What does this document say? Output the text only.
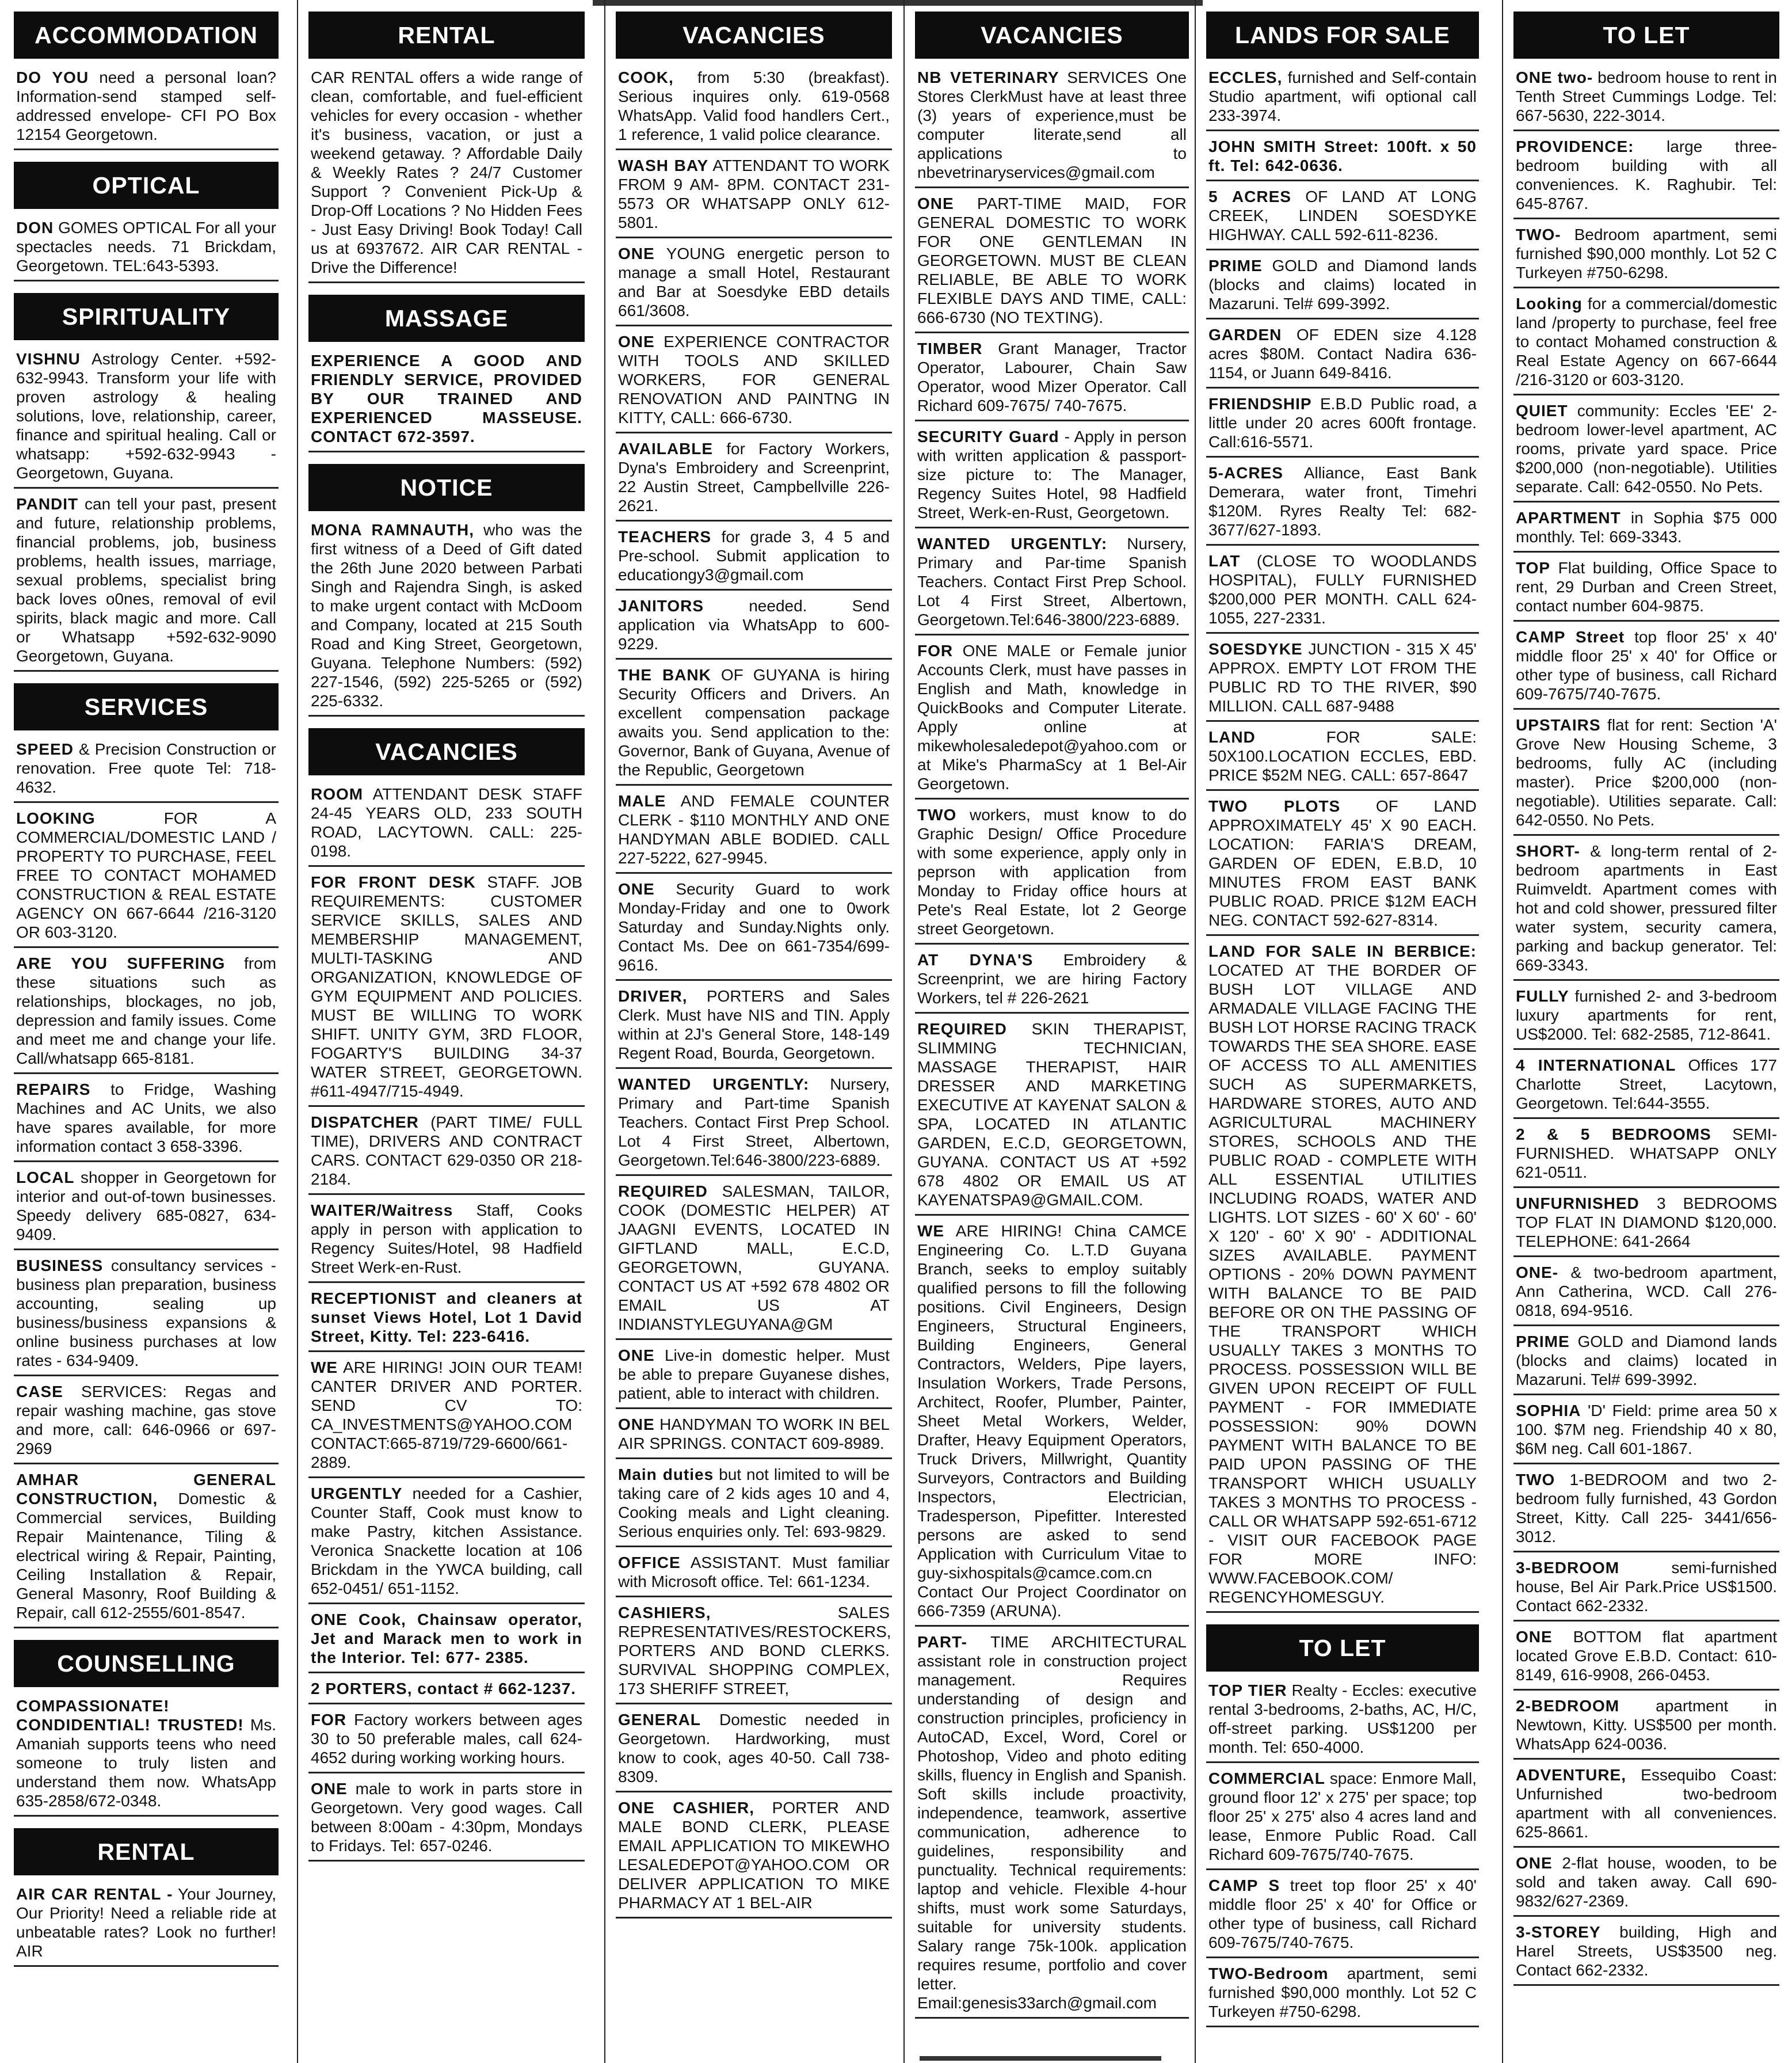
ACCOMMODATION
DO YOU need a personal loan? Information-send stamped self-addressed envelope- CFI PO Box 12154 Georgetown.
OPTICAL
DON GOMES OPTICAL For all your spectacles needs. 71 Brickdam, Georgetown. TEL:643-5393.
SPIRITUALITY
VISHNU Astrology Center. +592-632-9943. Transform your life with proven astrology & healing solutions, love, relationship, career, finance and spiritual healing. Call or whatsapp: +592-632-9943 - Georgetown, Guyana.
PANDIT can tell your past, present and future, relationship problems, financial problems, job, business problems, health issues, marriage, sexual problems, specialist bring back loves o0nes, removal of evil spirits, black magic and more. Call or Whatsapp +592-632-9090 Georgetown, Guyana.
SERVICES
SPEED & Precision Construction or renovation. Free quote Tel: 718-4632.
LOOKING	FOR A COMMERCIAL/DOMESTIC LAND / PROPERTY TO PURCHASE, FEEL FREE TO CONTACT MOHAMED CONSTRUCTION & REAL ESTATE AGENCY ON 667-6644 /216-3120 OR 603-3120.
ARE YOU SUFFERING from these situations such as relationships, blockages, no job, depression and family issues. Come and meet me and change your life. Call/whatsapp 665-8181.
REPAIRS to Fridge, Washing Machines and AC Units, we also have spares available, for more information contact 3 658-3396.
LOCAL shopper in Georgetown for interior and out-of-town businesses. Speedy delivery 685-0827, 634-9409.
BUSINESS consultancy services - business plan preparation, business accounting, sealing up business/business expansions & online business purchases at low rates - 634-9409.
CASE SERVICES: Regas and repair washing machine, gas stove and more, call: 646-0966 or 697-2969
AMHAR GENERAL CONSTRUCTION, Domestic & Commercial services, Building Repair Maintenance, Tiling & electrical wiring & Repair, Painting, Ceiling Installation & Repair, General Masonry, Roof Building & Repair, call 612-2555/601-8547.
COUNSELLING
COMPASSIONATE! CONDIDENTIAL! TRUSTED! Ms. Amaniah supports teens who need someone to truly listen and understand them now. WhatsApp 635-2858/672-0348.
RENTAL
AIR CAR RENTAL - Your Journey, Our Priority! Need a reliable ride at unbeatable rates? Look no further! AIR
RENTAL
CAR RENTAL offers a wide range of clean, comfortable, and fuel-efficient vehicles for every occasion - whether it's business, vacation, or just a weekend getaway. ? Affordable Daily & Weekly Rates ? 24/7 Customer Support ? Convenient Pick-Up & Drop-Off Locations ? No Hidden Fees - Just Easy Driving! Book Today! Call us at 6937672. AIR CAR RENTAL - Drive the Difference!
MASSAGE
EXPERIENCE A GOOD AND FRIENDLY SERVICE, PROVIDED BY OUR TRAINED AND EXPERIENCED MASSEUSE. CONTACT 672-3597.
NOTICE
MONA RAMNAUTH, who was the first witness of a Deed of Gift dated the 26th June 2020 between Parbati Singh and Rajendra Singh, is asked to make urgent contact with McDoom and Company, located at 215 South Road and King Street, Georgetown, Guyana. Telephone Numbers: (592) 227-1546, (592) 225-5265 or (592) 225-6332.
VACANCIES
ROOM ATTENDANT DESK STAFF 24-45 YEARS OLD, 233 SOUTH ROAD, LACYTOWN. CALL: 225-0198.
FOR FRONT DESK STAFF. JOB REQUIREMENTS: CUSTOMER SERVICE SKILLS, SALES AND MEMBERSHIP MANAGEMENT, MULTI-TASKING AND ORGANIZATION, KNOWLEDGE OF GYM EQUIPMENT AND POLICIES. MUST BE WILLING TO WORK SHIFT. UNITY GYM, 3RD FLOOR, FOGARTY'S BUILDING 34-37 WATER STREET, GEORGETOWN. #611-4947/715-4949.
DISPATCHER (PART TIME/ FULL TIME), DRIVERS AND CONTRACT CARS. CONTACT 629-0350 OR 218-2184.
WAITER/Waitress Staff, Cooks apply in person with application to Regency Suites/Hotel, 98 Hadfield Street Werk-en-Rust.
RECEPTIONIST and cleaners at sunset Views Hotel, Lot 1 David Street, Kitty. Tel: 223-6416.
WE ARE HIRING! JOIN OUR TEAM! CANTER DRIVER AND PORTER. SEND CV TO: CA_INVESTMENTS@YAHOO.COM CONTACT:665-8719/729-6600/661-2889.
URGENTLY needed for a Cashier, Counter Staff, Cook must know to make Pastry, kitchen Assistance. Veronica Snackette location at 106 Brickdam in the YWCA building, call 652-0451/ 651-1152.
ONE Cook, Chainsaw operator, Jet and Marack men to work in the Interior. Tel: 677- 2385.
2 PORTERS, contact # 662-1237.
FOR Factory workers between ages 30 to 50 preferable males, call 624-4652 during working working hours.
ONE male to work in parts store in Georgetown. Very good wages. Call between 8:00am - 4:30pm, Mondays to Fridays. Tel: 657-0246.
VACANCIES
COOK, from 5:30 (breakfast). Serious inquires only. 619-0568 WhatsApp. Valid food handlers Cert., 1 reference, 1 valid police clearance.
WASH BAY ATTENDANT TO WORK FROM 9 AM- 8PM. CONTACT 231-5573 OR WHATSAPP ONLY 612-5801.
ONE YOUNG energetic person to manage a small Hotel, Restaurant and Bar at Soesdyke EBD details 661/3608.
ONE EXPERIENCE CONTRACTOR WITH TOOLS AND SKILLED WORKERS, FOR GENERAL RENOVATION AND PAINTNG IN KITTY, CALL: 666-6730.
AVAILABLE for Factory Workers, Dyna's Embroidery and Screenprint, 22 Austin Street, Campbellville 226-2621.
TEACHERS for grade 3, 4 5 and Pre-school. Submit application to educationgy3@gmail.com
JANITORS	needed. Send application via WhatsApp to 600-9229.
THE BANK OF GUYANA is hiring Security Officers and Drivers. An excellent compensation package awaits you. Send application to the: Governor, Bank of Guyana, Avenue of the Republic, Georgetown
MALE AND FEMALE COUNTER CLERK - $110 MONTHLY AND ONE HANDYMAN ABLE BODIED. CALL 227-5222, 627-9945.
ONE Security Guard to work Monday-Friday and one to 0work Saturday and Sunday.Nights only. Contact Ms. Dee on 661-7354/699-9616.
DRIVER, PORTERS and Sales Clerk. Must have NIS and TIN. Apply within at 2J's General Store, 148-149 Regent Road, Bourda, Georgetown.
WANTED URGENTLY: Nursery, Primary and Part-time Spanish Teachers. Contact First Prep School. Lot 4 First Street, Albertown, Georgetown.Tel:646-3800/223-6889.
REQUIRED SALESMAN, TAILOR, COOK (DOMESTIC HELPER) AT JAAGNI EVENTS, LOCATED IN GIFTLAND MALL, E.C.D, GEORGETOWN, GUYANA. CONTACT US AT +592 678 4802 OR EMAIL US AT INDIANSTYLEGUYANA@GM
ONE Live-in domestic helper. Must be able to prepare Guyanese dishes, patient, able to interact with children.
ONE HANDYMAN TO WORK IN BEL AIR SPRINGS. CONTACT 609-8989.
Main duties but not limited to will be taking care of 2 kids ages 10 and 4, Cooking meals and Light cleaning. Serious enquiries only. Tel: 693-9829.
OFFICE ASSISTANT. Must familiar with Microsoft office. Tel: 661-1234.
CASHIERS,	SALES REPRESENTATIVES/RESTOCKERS, PORTERS AND BOND CLERKS. SURVIVAL SHOPPING COMPLEX, 173 SHERIFF STREET,
GENERAL Domestic needed in Georgetown. Hardworking, must know to cook, ages 40-50. Call 738-8309.
ONE CASHIER, PORTER AND MALE BOND CLERK, PLEASE EMAIL APPLICATION TO MIKEWHO LESALEDEPOT@YAHOO.COM OR DELIVER APPLICATION TO MIKE PHARMACY AT 1 BEL-AIR
VACANCIES
NB VETERINARY SERVICES One Stores ClerkMust have at least three (3) years of experience,must be computer literate,send all applications to nbevetrinaryservices@gmail.com
ONE PART-TIME MAID, FOR GENERAL DOMESTIC TO WORK FOR ONE GENTLEMAN IN GEORGETOWN. MUST BE CLEAN RELIABLE, BE ABLE TO WORK FLEXIBLE DAYS AND TIME, CALL: 666-6730 (NO TEXTING).
TIMBER Grant Manager, Tractor Operator, Labourer, Chain Saw Operator, wood Mizer Operator. Call Richard 609-7675/ 740-7675.
SECURITY Guard - Apply in person with written application & passport-size picture to: The Manager, Regency Suites Hotel, 98 Hadfield Street, Werk-en-Rust, Georgetown.
WANTED URGENTLY: Nursery, Primary and Par-time Spanish Teachers. Contact First Prep School. Lot 4 First Street, Albertown, Georgetown.Tel:646-3800/223-6889.
FOR ONE MALE or Female junior Accounts Clerk, must have passes in English and Math, knowledge in QuickBooks and Computer Literate. Apply online at mikewholesaledepot@yahoo.com or at Mike's PharmaScy at 1 Bel-Air Georgetown.
TWO workers, must know to do Graphic Design/ Office Procedure with some experience, apply only in peprson with application from Monday to Friday office hours at Pete's Real Estate, lot 2 George street Georgetown.
AT DYNA'S Embroidery & Screenprint, we are hiring Factory Workers, tel # 226-2621
REQUIRED SKIN THERAPIST, SLIMMING TECHNICIAN, MASSAGE THERAPIST, HAIR DRESSER AND MARKETING EXECUTIVE AT KAYENAT SALON & SPA, LOCATED IN ATLANTIC GARDEN, E.C.D, GEORGETOWN, GUYANA. CONTACT US AT +592 678 4802 OR EMAIL US AT KAYENATSPA9@GMAIL.COM.
WE ARE HIRING! China CAMCE Engineering Co. L.T.D Guyana Branch, seeks to employ suitably qualified persons to fill the following positions. Civil Engineers, Design Engineers, Structural Engineers, Building Engineers, General Contractors, Welders, Pipe layers, Insulation Workers, Trade Persons, Architect, Roofer, Plumber, Painter, Sheet Metal Workers, Welder, Drafter, Heavy Equipment Operators, Truck Drivers, Millwright, Quantity Surveyors, Contractors and Building Inspectors, Electrician, Tradesperson, Pipefitter. Interested persons are asked to send Application with Curriculum Vitae to guy-sixhospitals@camce.com.cn Contact Our Project Coordinator on 666-7359 (ARUNA).
PART- TIME ARCHITECTURAL assistant role in construction project management. Requires understanding of design and construction principles, proficiency in AutoCAD, Excel, Word, Corel or Photoshop, Video and photo editing skills, fluency in English and Spanish. Soft skills include proactivity, independence, teamwork, assertive communication, adherence to guidelines, responsibility and punctuality. Technical requirements: laptop and vehicle. Flexible 4-hour shifts, must work some Saturdays, suitable for university students. Salary range 75k-100k. application requires resume, portfolio and cover letter. Email:genesis33arch@gmail.com
LANDS FOR SALE
ECCLES, furnished and Self-contain Studio apartment, wifi optional call 233-3974.
JOHN SMITH Street: 100ft. x 50 ft. Tel: 642-0636.
5 ACRES OF LAND AT LONG CREEK, LINDEN SOESDYKE HIGHWAY. CALL 592-611-8236.
PRIME GOLD and Diamond lands (blocks and claims) located in Mazaruni. Tel# 699-3992.
GARDEN OF EDEN size 4.128 acres $80M. Contact Nadira 636-1154, or Juann 649-8416.
FRIENDSHIP E.B.D Public road, a little under 20 acres 600ft frontage. Call:616-5571.
5-ACRES Alliance, East Bank Demerara, water front, Timehri $120M. Ryres Realty Tel: 682-3677/627-1893.
LAT (CLOSE TO WOODLANDS HOSPITAL), FULLY FURNISHED $200,000 PER MONTH. CALL 624-1055, 227-2331.
SOESDYKE JUNCTION - 315 X 45' APPROX. EMPTY LOT FROM THE PUBLIC RD TO THE RIVER, $90 MILLION. CALL 687-9488
LAND	FOR SALE: 50X100.LOCATION ECCLES, EBD. PRICE $52M NEG. CALL: 657-8647
TWO PLOTS OF LAND APPROXIMATELY 45' X 90 EACH. LOCATION: FARIA'S DREAM, GARDEN OF EDEN, E.B.D, 10 MINUTES FROM EAST BANK PUBLIC ROAD. PRICE $12M EACH NEG. CONTACT 592-627-8314.
LAND FOR SALE IN BERBICE: LOCATED AT THE BORDER OF BUSH LOT VILLAGE AND ARMADALE VILLAGE FACING THE BUSH LOT HORSE RACING TRACK TOWARDS THE SEA SHORE. EASE OF ACCESS TO ALL AMENITIES SUCH AS SUPERMARKETS, HARDWARE STORES, AUTO AND AGRICULTURAL MACHINERY STORES, SCHOOLS AND THE PUBLIC ROAD - COMPLETE WITH ALL ESSENTIAL UTILITIES INCLUDING ROADS, WATER AND LIGHTS. LOT SIZES - 60' X 60' - 60' X 120' - 60' X 90' - ADDITIONAL SIZES AVAILABLE. PAYMENT OPTIONS - 20% DOWN PAYMENT WITH BALANCE TO BE PAID BEFORE OR ON THE PASSING OF THE TRANSPORT WHICH USUALLY TAKES 3 MONTHS TO PROCESS. POSSESSION WILL BE GIVEN UPON RECEIPT OF FULL PAYMENT - FOR IMMEDIATE POSSESSION: 90% DOWN PAYMENT WITH BALANCE TO BE PAID UPON PASSING OF THE TRANSPORT WHICH USUALLY TAKES 3 MONTHS TO PROCESS - CALL OR WHATSAPP 592-651-6712 - VISIT OUR FACEBOOK PAGE FOR MORE INFO: WWW.FACEBOOK.COM/ REGENCYHOMESGUY.
TO LET
TOP TIER Realty - Eccles: executive rental 3-bedrooms, 2-baths, AC, H/C, off-street parking. US$1200 per month. Tel: 650-4000.
COMMERCIAL space: Enmore Mall, ground floor 12' x 275' per space; top floor 25' x 275' also 4 acres land and lease, Enmore Public Road. Call Richard 609-7675/740-7675.
CAMP S treet top floor 25' x 40' middle floor 25' x 40' for Office or other type of business, call Richard 609-7675/740-7675.
TWO-Bedroom apartment, semi furnished $90,000 monthly. Lot 52 C Turkeyen #750-6298.
TO LET
ONE two- bedroom house to rent in Tenth Street Cummings Lodge. Tel: 667-5630, 222-3014.
PROVIDENCE: large three-bedroom building with all conveniences. K. Raghubir. Tel: 645-8767.
TWO- Bedroom apartment, semi furnished $90,000 monthly. Lot 52 C Turkeyen #750-6298.
Looking for a commercial/domestic land /property to purchase, feel free to contact Mohamed construction & Real Estate Agency on 667-6644 /216-3120 or 603-3120.
QUIET community: Eccles 'EE' 2-bedroom lower-level apartment, AC rooms, private yard space. Price $200,000 (non-negotiable). Utilities separate. Call: 642-0550. No Pets.
APARTMENT in Sophia $75 000 monthly. Tel: 669-3343.
TOP Flat building, Office Space to rent, 29 Durban and Creen Street, contact number 604-9875.
CAMP Street top floor 25' x 40' middle floor 25' x 40' for Office or other type of business, call Richard 609-7675/740-7675.
UPSTAIRS flat for rent: Section 'A' Grove New Housing Scheme, 3 bedrooms, fully AC (including master). Price $200,000 (non-negotiable). Utilities separate. Call: 642-0550. No Pets.
SHORT- & long-term rental of 2-bedroom apartments in East Ruimveldt. Apartment comes with hot and cold shower, pressured filter water system, security camera, parking and backup generator. Tel: 669-3343.
FULLY furnished 2- and 3-bedroom luxury apartments for rent, US$2000. Tel: 682-2585, 712-8641.
4 INTERNATIONAL Offices 177 Charlotte Street, Lacytown, Georgetown. Tel:644-3555.
2 & 5 BEDROOMS SEMI-FURNISHED. WHATSAPP ONLY 621-0511.
UNFURNISHED 3 BEDROOMS TOP FLAT IN DIAMOND $120,000. TELEPHONE: 641-2664
ONE- & two-bedroom apartment, Ann Catherina, WCD. Call 276-0818, 694-9516.
PRIME GOLD and Diamond lands (blocks and claims) located in Mazaruni. Tel# 699-3992.
SOPHIA 'D' Field: prime area 50 x 100. $7M neg. Friendship 40 x 80, $6M neg. Call 601-1867.
TWO 1-BEDROOM and two 2-bedroom fully furnished, 43 Gordon Street, Kitty. Call 225- 3441/656-3012.
3-BEDROOM	semi-furnished house, Bel Air Park.Price US$1500. Contact 662-2332.
ONE BOTTOM flat apartment located Grove E.B.D. Contact: 610-8149, 616-9908, 266-0453.
2-BEDROOM apartment in Newtown, Kitty. US$500 per month. WhatsApp 624-0036.
ADVENTURE, Essequibo Coast: Unfurnished two-bedroom apartment with all conveniences. 625-8661.
ONE 2-flat house, wooden, to be sold and taken away. Call 690-9832/627-2369.
3-STOREY building, High and Harel Streets, US$3500 neg. Contact 662-2332.
